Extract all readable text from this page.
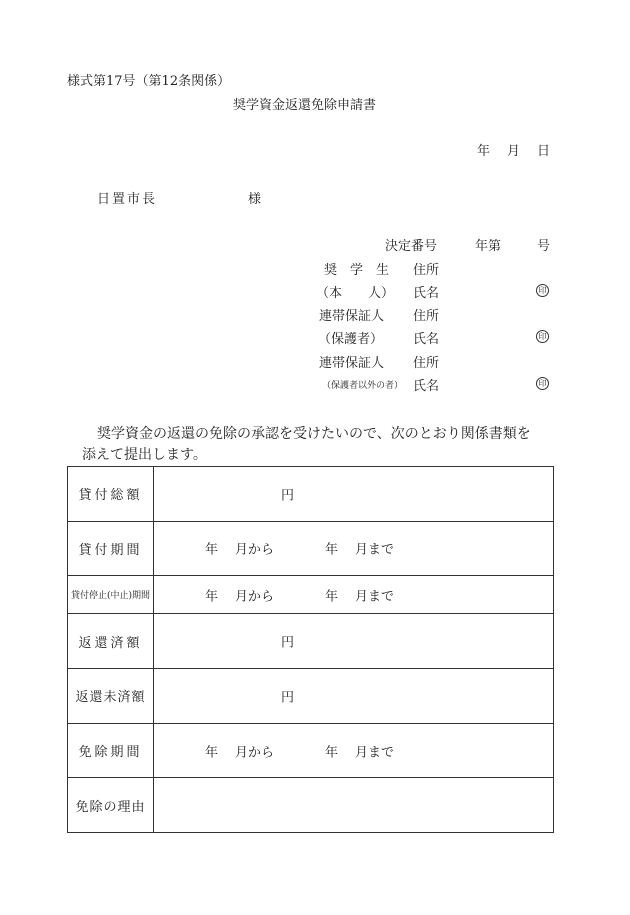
様式第17号（第12条関係）
奨学資金返還免除申請書
年 月 日
日置市長	様
決定番号	年第	号
奨　学　生 住所
（本　　人） 氏名	印
連帯保証人 住所
（保護者） 氏名	印
連帯保証人 住所
（保護者以外の者） 氏名	印
奨学資金の返還の免除の承認を受けたいので、次のとおり関係書類を
添えて提出します。
貸付総額	円

貸付期間	年 月から 年 月まで

貸付停止(中止)期間	年 月から 年 月まで

返還済額	円

返還未済額	円

免除期間	年 月から 年 月まで

免除の理由	
